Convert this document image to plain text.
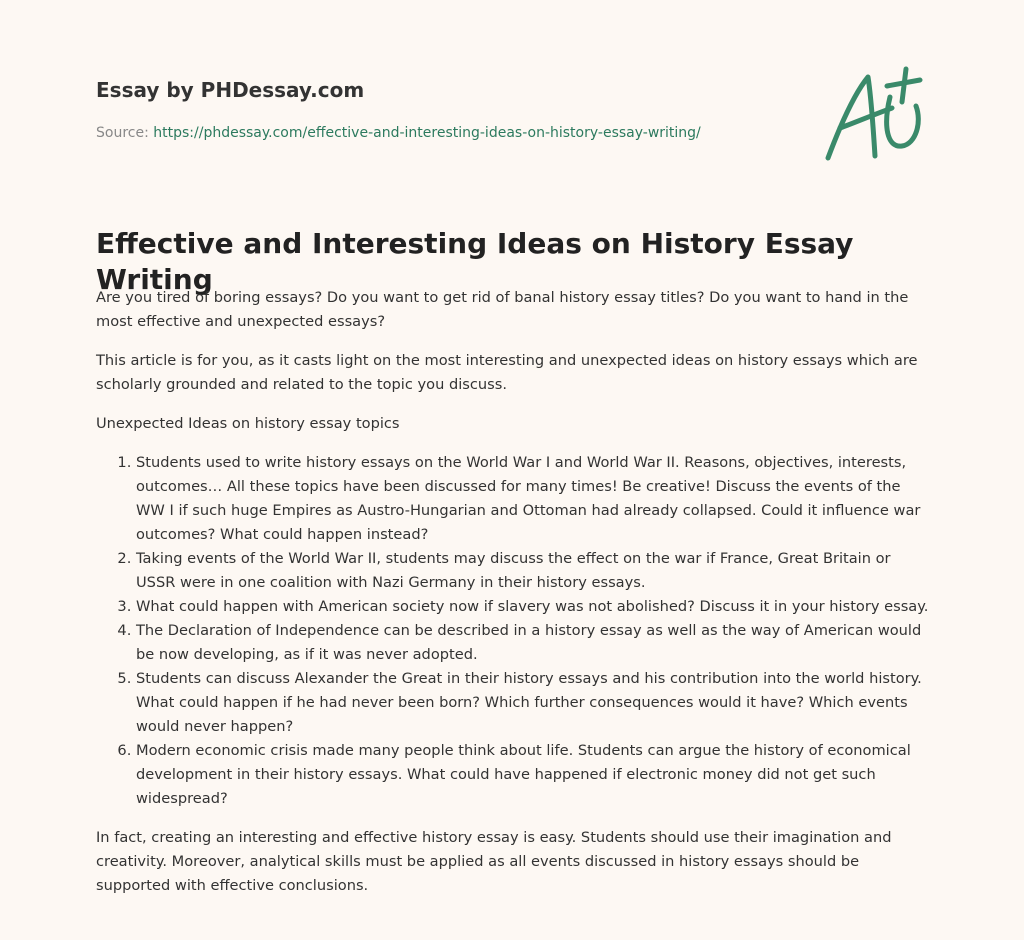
Essay by PHDessay.com
Source: https://phdessay.com/effective-and-interesting-ideas-on-history-essay-writing/
Effective and Interesting Ideas on History Essay Writing

Are you tired of boring essays? Do you want to get rid of banal history essay titles? Do you want to hand in the most effective and unexpected essays?

This article is for you, as it casts light on the most interesting and unexpected ideas on history essays which are scholarly grounded and related to the topic you discuss.

Unexpected Ideas on history essay topics

1. Students used to write history essays on the World War I and World War II. Reasons, objectives, interests, outcomes… All these topics have been discussed for many times! Be creative! Discuss the events of the WW I if such huge Empires as Austro-Hungarian and Ottoman had already collapsed. Could it influence war outcomes? What could happen instead?
2. Taking events of the World War II, students may discuss the effect on the war if France, Great Britain or USSR were in one coalition with Nazi Germany in their history essays.
3. What could happen with American society now if slavery was not abolished? Discuss it in your history essay.
4. The Declaration of Independence can be described in a history essay as well as the way of American would be now developing, as if it was never adopted.
5. Students can discuss Alexander the Great in their history essays and his contribution into the world history. What could happen if he had never been born? Which further consequences would it have? Which events would never happen?
6. Modern economic crisis made many people think about life. Students can argue the history of economical development in their history essays. What could have happened if electronic money did not get such widespread?

In fact, creating an interesting and effective history essay is easy. Students should use their imagination and creativity. Moreover, analytical skills must be applied as all events discussed in history essays should be supported with effective conclusions.
